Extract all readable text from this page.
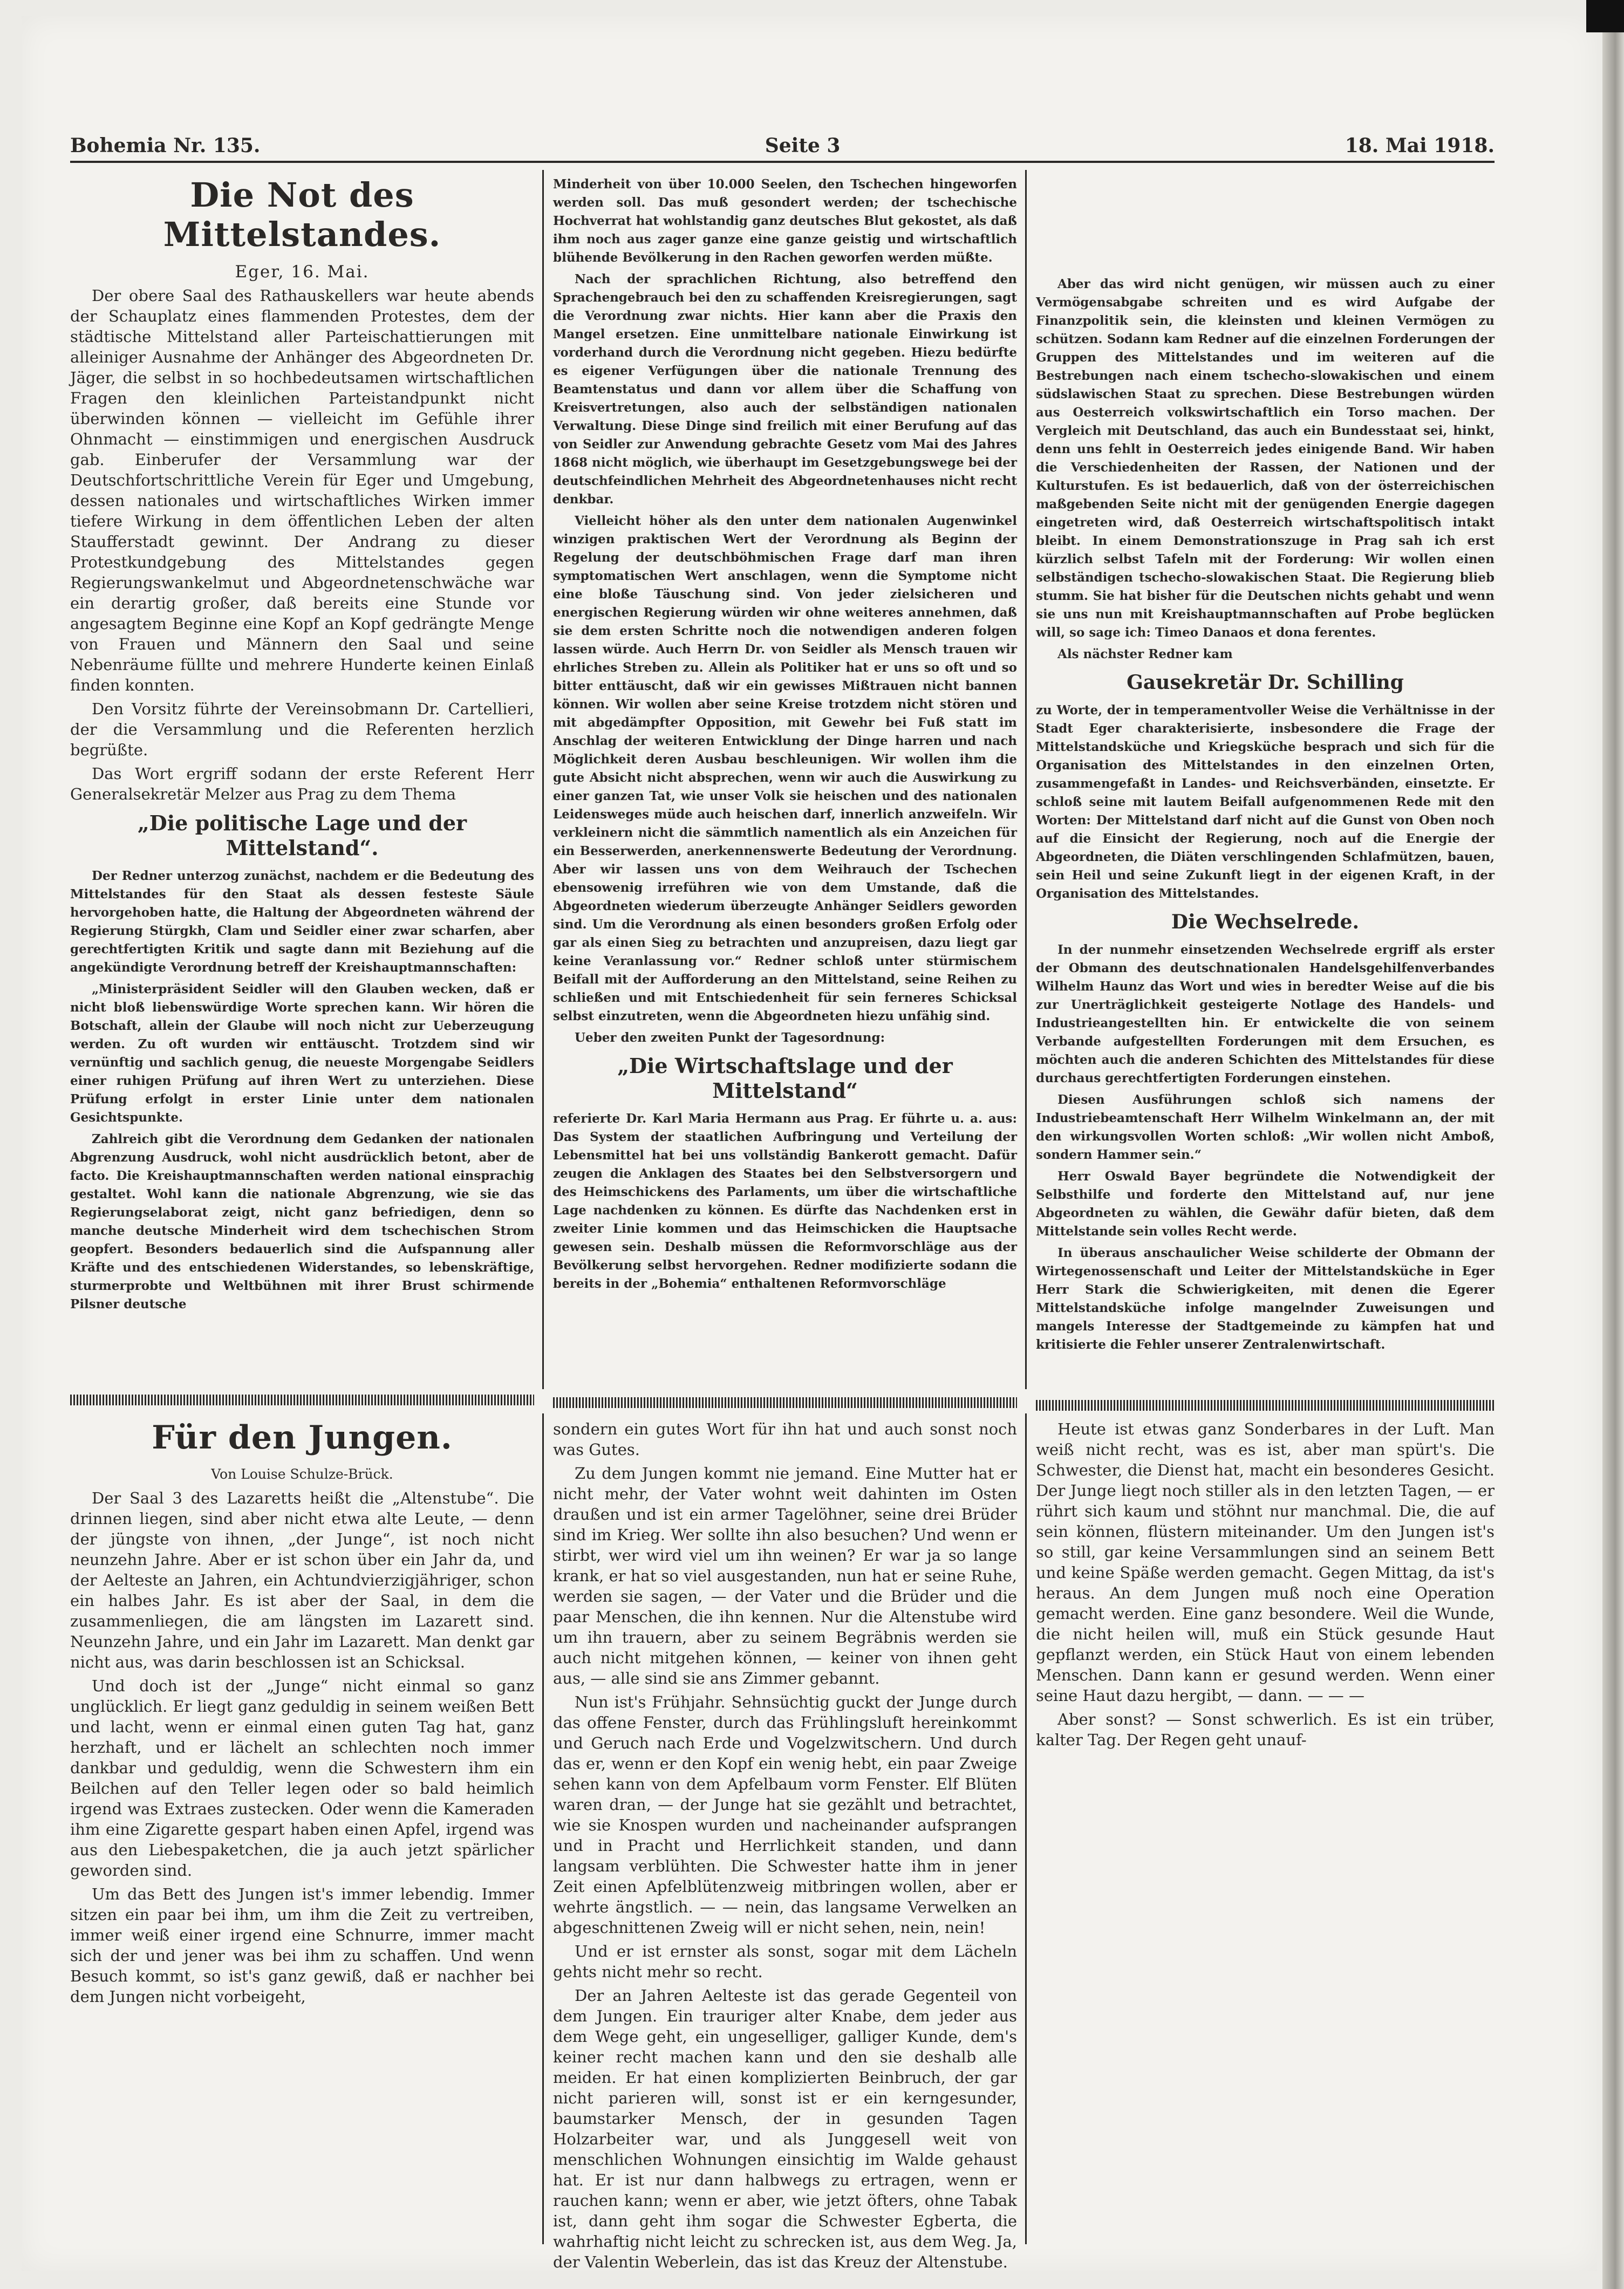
Bohemia Nr. 135.	Seite 3	18. Mai 1918.
Die Not des Mittelstandes.

Eger, 16. Mai.

Der obere Saal des Rathauskellers war heute abends der Schauplatz eines flammenden Protestes, dem der städtische Mittelstand aller Parteischattierungen mit alleiniger Ausnahme der Anhänger des Abgeordneten Dr. Jäger, die selbst in so hochbedeutsamen wirtschaftlichen Fragen den kleinlichen Parteistandpunkt nicht überwinden können — vielleicht im Gefühle ihrer Ohnmacht — einstimmigen und energischen Ausdruck gab. Einberufer der Versammlung war der Deutschfortschrittliche Verein für Eger und Umgebung, dessen nationales und wirtschaftliches Wirken immer tiefere Wirkung in dem öffentlichen Leben der alten Staufferstadt gewinnt. Der Andrang zu dieser Protestkundgebung des Mittelstandes gegen Regierungswankelmut und Abgeordnetenschwäche war ein derartig großer, daß bereits eine Stunde vor angesagtem Beginne eine Kopf an Kopf gedrängte Menge von Frauen und Männern den Saal und seine Nebenräume füllte und mehrere Hunderte keinen Einlaß finden konnten.

Den Vorsitz führte der Vereinsobmann Dr. Cartellieri, der die Versammlung und die Referenten herzlich begrüßte.

Das Wort ergriff sodann der erste Referent Herr Generalsekretär Melzer aus Prag zu dem Thema

„Die politische Lage und der Mittelstand“.

Der Redner unterzog zunächst, nachdem er die Bedeutung des Mittelstandes für den Staat als dessen festeste Säule hervorgehoben hatte, die Haltung der Abgeordneten während der Regierung Stürgkh, Clam und Seidler einer zwar scharfen, aber gerechtfertigten Kritik und sagte dann mit Beziehung auf die angekündigte Verordnung betreff der Kreishauptmannschaften:

„Ministerpräsident Seidler will den Glauben wecken, daß er nicht bloß liebenswürdige Worte sprechen kann. Wir hören die Botschaft, allein der Glaube will noch nicht zur Ueberzeugung werden. Zu oft wurden wir enttäuscht. Trotzdem sind wir vernünftig und sachlich genug, die neueste Morgengabe Seidlers einer ruhigen Prüfung auf ihren Wert zu unterziehen. Diese Prüfung erfolgt in erster Linie unter dem nationalen Gesichtspunkte.

Zahlreich gibt die Verordnung dem Gedanken der nationalen Abgrenzung Ausdruck, wohl nicht ausdrücklich betont, aber de facto. Die Kreishauptmannschaften werden national einsprachig gestaltet. Wohl kann die nationale Abgrenzung, wie sie das Regierungselaborat zeigt, nicht ganz befriedigen, denn so manche deutsche Minderheit wird dem tschechischen Strom geopfert. Besonders bedauerlich sind die Aufspannung aller Kräfte und des entschiedenen Widerstandes, so lebenskräftige, sturmerprobte und Weltbühnen mit ihrer Brust schirmende Pilsner deutsche

Minderheit von über 10.000 Seelen, den Tschechen hingeworfen werden soll. Das muß gesondert werden; der tschechische Hochverrat hat wohlstandig ganz deutsches Blut gekostet, als daß ihm noch aus zager ganze eine ganze geistig und wirtschaftlich blühende Bevölkerung in den Rachen geworfen werden müßte.

Nach der sprachlichen Richtung, also betreffend den Sprachengebrauch bei den zu schaffenden Kreisregierungen, sagt die Verordnung zwar nichts. Hier kann aber die Praxis den Mangel ersetzen. Eine unmittelbare nationale Einwirkung ist vorderhand durch die Verordnung nicht gegeben. Hiezu bedürfte es eigener Verfügungen über die nationale Trennung des Beamtenstatus und dann vor allem über die Schaffung von Kreisvertretungen, also auch der selbständigen nationalen Verwaltung. Diese Dinge sind freilich mit einer Berufung auf das von Seidler zur Anwendung gebrachte Gesetz vom Mai des Jahres 1868 nicht möglich, wie überhaupt im Gesetzgebungswege bei der deutschfeindlichen Mehrheit des Abgeordnetenhauses nicht recht denkbar.

Vielleicht höher als den unter dem nationalen Augenwinkel winzigen praktischen Wert der Verordnung als Beginn der Regelung der deutschböhmischen Frage darf man ihren symptomatischen Wert anschlagen, wenn die Symptome nicht eine bloße Täuschung sind. Von jeder zielsicheren und energischen Regierung würden wir ohne weiteres annehmen, daß sie dem ersten Schritte noch die notwendigen anderen folgen lassen würde. Auch Herrn Dr. von Seidler als Mensch trauen wir ehrliches Streben zu. Allein als Politiker hat er uns so oft und so bitter enttäuscht, daß wir ein gewisses Mißtrauen nicht bannen können. Wir wollen aber seine Kreise trotzdem nicht stören und mit abgedämpfter Opposition, mit Gewehr bei Fuß statt im Anschlag der weiteren Entwicklung der Dinge harren und nach Möglichkeit deren Ausbau beschleunigen. Wir wollen ihm die gute Absicht nicht absprechen, wenn wir auch die Auswirkung zu einer ganzen Tat, wie unser Volk sie heischen und des nationalen Leidensweges müde auch heischen darf, innerlich anzweifeln. Wir verkleinern nicht die sämmtlich namentlich als ein Anzeichen für ein Besserwerden, anerkennenswerte Bedeutung der Verordnung. Aber wir lassen uns von dem Weihrauch der Tschechen ebensowenig irreführen wie von dem Umstande, daß die Abgeordneten wiederum überzeugte Anhänger Seidlers geworden sind. Um die Verordnung als einen besonders großen Erfolg oder gar als einen Sieg zu betrachten und anzupreisen, dazu liegt gar keine Veranlassung vor.“ Redner schloß unter stürmischem Beifall mit der Aufforderung an den Mittelstand, seine Reihen zu schließen und mit Entschiedenheit für sein ferneres Schicksal selbst einzutreten, wenn die Abgeordneten hiezu unfähig sind.

Ueber den zweiten Punkt der Tagesordnung:

„Die Wirtschaftslage und der Mittelstand“

referierte Dr. Karl Maria Hermann aus Prag. Er führte u. a. aus: Das System der staatlichen Aufbringung und Verteilung der Lebensmittel hat bei uns vollständig Bankerott gemacht. Dafür zeugen die Anklagen des Staates bei den Selbstversorgern und des Heimschickens des Parlaments, um über die wirtschaftliche Lage nachdenken zu können. Es dürfte das Nachdenken erst in zweiter Linie kommen und das Heimschicken die Hauptsache gewesen sein. Deshalb müssen die Reformvorschläge aus der Bevölkerung selbst hervorgehen. Redner modifizierte sodann die bereits in der „Bohemia“ enthaltenen Reformvorschläge

Aber das wird nicht genügen, wir müssen auch zu einer Vermögensabgabe schreiten und es wird Aufgabe der Finanzpolitik sein, die kleinsten und kleinen Vermögen zu schützen. Sodann kam Redner auf die einzelnen Forderungen der Gruppen des Mittelstandes und im weiteren auf die Bestrebungen nach einem tschecho-slowakischen und einem südslawischen Staat zu sprechen. Diese Bestrebungen würden aus Oesterreich volkswirtschaftlich ein Torso machen. Der Vergleich mit Deutschland, das auch ein Bundesstaat sei, hinkt, denn uns fehlt in Oesterreich jedes einigende Band. Wir haben die Verschiedenheiten der Rassen, der Nationen und der Kulturstufen. Es ist bedauerlich, daß von der österreichischen maßgebenden Seite nicht mit der genügenden Energie dagegen eingetreten wird, daß Oesterreich wirtschaftspolitisch intakt bleibt. In einem Demonstrationszuge in Prag sah ich erst kürzlich selbst Tafeln mit der Forderung: Wir wollen einen selbständigen tschecho-slowakischen Staat. Die Regierung blieb stumm. Sie hat bisher für die Deutschen nichts gehabt und wenn sie uns nun mit Kreishauptmannschaften auf Probe beglücken will, so sage ich: Timeo Danaos et dona ferentes.

Als nächster Redner kam

Gausekretär Dr. Schilling

zu Worte, der in temperamentvoller Weise die Verhältnisse in der Stadt Eger charakterisierte, insbesondere die Frage der Mittelstandsküche und Kriegsküche besprach und sich für die Organisation des Mittelstandes in den einzelnen Orten, zusammengefaßt in Landes- und Reichsverbänden, einsetzte. Er schloß seine mit lautem Beifall aufgenommenen Rede mit den Worten: Der Mittelstand darf nicht auf die Gunst von Oben noch auf die Einsicht der Regierung, noch auf die Energie der Abgeordneten, die Diäten verschlingenden Schlafmützen, bauen, sein Heil und seine Zukunft liegt in der eigenen Kraft, in der Organisation des Mittelstandes.

Die Wechselrede.

In der nunmehr einsetzenden Wechselrede ergriff als erster der Obmann des deutschnationalen Handelsgehilfenverbandes Wilhelm Haunz das Wort und wies in beredter Weise auf die bis zur Unerträglichkeit gesteigerte Notlage des Handels- und Industrieangestellten hin. Er entwickelte die von seinem Verbande aufgestellten Forderungen mit dem Ersuchen, es möchten auch die anderen Schichten des Mittelstandes für diese durchaus gerechtfertigten Forderungen einstehen.

Diesen Ausführungen schloß sich namens der Industriebeamtenschaft Herr Wilhelm Winkelmann an, der mit den wirkungsvollen Worten schloß: „Wir wollen nicht Amboß, sondern Hammer sein.“

Herr Oswald Bayer begründete die Notwendigkeit der Selbsthilfe und forderte den Mittelstand auf, nur jene Abgeordneten zu wählen, die Gewähr dafür bieten, daß dem Mittelstande sein volles Recht werde.

In überaus anschaulicher Weise schilderte der Obmann der Wirtegenossenschaft und Leiter der Mittelstandsküche in Eger Herr Stark die Schwierigkeiten, mit denen die Egerer Mittelstandsküche infolge mangelnder Zuweisungen und mangels Interesse der Stadtgemeinde zu kämpfen hat und kritisierte die Fehler unserer Zentralenwirtschaft.

Für den Jungen.

Von Louise Schulze-Brück.

Der Saal 3 des Lazaretts heißt die „Altenstube“. Die drinnen liegen, sind aber nicht etwa alte Leute, — denn der jüngste von ihnen, „der Junge“, ist noch nicht neunzehn Jahre. Aber er ist schon über ein Jahr da, und der Aelteste an Jahren, ein Achtundvierzigjähriger, schon ein halbes Jahr. Es ist aber der Saal, in dem die zusammenliegen, die am längsten im Lazarett sind. Neunzehn Jahre, und ein Jahr im Lazarett. Man denkt gar nicht aus, was darin beschlossen ist an Schicksal.

Und doch ist der „Junge“ nicht einmal so ganz unglücklich. Er liegt ganz geduldig in seinem weißen Bett und lacht, wenn er einmal einen guten Tag hat, ganz herzhaft, und er lächelt an schlechten noch immer dankbar und geduldig, wenn die Schwestern ihm ein Beilchen auf den Teller legen oder so bald heimlich irgend was Extraes zustecken. Oder wenn die Kameraden ihm eine Zigarette gespart haben einen Apfel, irgend was aus den Liebespaketchen, die ja auch jetzt spärlicher geworden sind.

Um das Bett des Jungen ist's immer lebendig. Immer sitzen ein paar bei ihm, um ihm die Zeit zu vertreiben, immer weiß einer irgend eine Schnurre, immer macht sich der und jener was bei ihm zu schaffen. Und wenn Besuch kommt, so ist's ganz gewiß, daß er nachher bei dem Jungen nicht vorbeigeht,

sondern ein gutes Wort für ihn hat und auch sonst noch was Gutes.

Zu dem Jungen kommt nie jemand. Eine Mutter hat er nicht mehr, der Vater wohnt weit dahinten im Osten draußen und ist ein armer Tagelöhner, seine drei Brüder sind im Krieg. Wer sollte ihn also besuchen? Und wenn er stirbt, wer wird viel um ihn weinen? Er war ja so lange krank, er hat so viel ausgestanden, nun hat er seine Ruhe, werden sie sagen, — der Vater und die Brüder und die paar Menschen, die ihn kennen. Nur die Altenstube wird um ihn trauern, aber zu seinem Begräbnis werden sie auch nicht mitgehen können, — keiner von ihnen geht aus, — alle sind sie ans Zimmer gebannt.

Nun ist's Frühjahr. Sehnsüchtig guckt der Junge durch das offene Fenster, durch das Frühlingsluft hereinkommt und Geruch nach Erde und Vogelzwitschern. Und durch das er, wenn er den Kopf ein wenig hebt, ein paar Zweige sehen kann von dem Apfelbaum vorm Fenster. Elf Blüten waren dran, — der Junge hat sie gezählt und betrachtet, wie sie Knospen wurden und nacheinander aufsprangen und in Pracht und Herrlichkeit standen, und dann langsam verblühten. Die Schwester hatte ihm in jener Zeit einen Apfelblütenzweig mitbringen wollen, aber er wehrte ängstlich. — — nein, das langsame Verwelken an abgeschnittenen Zweig will er nicht sehen, nein, nein!

Und er ist ernster als sonst, sogar mit dem Lächeln gehts nicht mehr so recht.

Der an Jahren Aelteste ist das gerade Gegenteil von dem Jungen. Ein trauriger alter Knabe, dem jeder aus dem Wege geht, ein ungeselliger, galliger Kunde, dem's keiner recht machen kann und den sie deshalb alle meiden. Er hat einen komplizierten Beinbruch, der gar nicht parieren will, sonst ist er ein kerngesunder, baumstarker Mensch, der in gesunden Tagen Holzarbeiter war, und als Junggesell weit von menschlichen Wohnungen einsichtig im Walde gehaust hat. Er ist nur dann halbwegs zu ertragen, wenn er rauchen kann; wenn er aber, wie jetzt öfters, ohne Tabak ist, dann geht ihm sogar die Schwester Egberta, die wahrhaftig nicht leicht zu schrecken ist, aus dem Weg. Ja, der Valentin Weberlein, das ist das Kreuz der Altenstube.

Heute ist etwas ganz Sonderbares in der Luft. Man weiß nicht recht, was es ist, aber man spürt's. Die Schwester, die Dienst hat, macht ein besonderes Gesicht. Der Junge liegt noch stiller als in den letzten Tagen, — er rührt sich kaum und stöhnt nur manchmal. Die, die auf sein können, flüstern miteinander. Um den Jungen ist's so still, gar keine Versammlungen sind an seinem Bett und keine Späße werden gemacht. Gegen Mittag, da ist's heraus. An dem Jungen muß noch eine Operation gemacht werden. Eine ganz besondere. Weil die Wunde, die nicht heilen will, muß ein Stück gesunde Haut gepflanzt werden, ein Stück Haut von einem lebenden Menschen. Dann kann er gesund werden. Wenn einer seine Haut dazu hergibt, — dann. — — —

Aber sonst? — Sonst schwerlich. Es ist ein trüber, kalter Tag. Der Regen geht unauf-
